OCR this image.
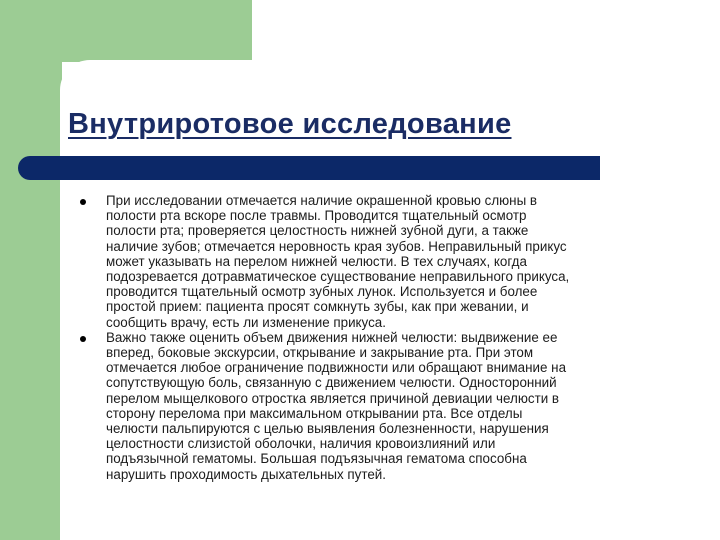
Внутриротовое исследование

При исследовании отмечается наличие окрашенной кровью слюны в
полости рта вскоре после травмы. Проводится тщательный осмотр
полости рта; проверяется целостность нижней зубной дуги, а также
наличие зубов; отмечается неровность края зубов. Неправильный прикус
может указывать на перелом нижней челюсти. В тех случаях, когда
подозревается дотравматическое существование неправильного прикуса,
проводится тщательный осмотр зубных лунок. Используется и более
простой прием: пациента просят сомкнуть зубы, как при жевании, и
сообщить врачу, есть ли изменение прикуса.

Важно также оценить объем движения нижней челюсти: выдвижение ее
вперед, боковые экскурсии, открывание и закрывание рта. При этом
отмечается любое ограничение подвижности или обращают внимание на
сопутствующую боль, связанную с движением челюсти. Односторонний
перелом мыщелкового отростка является причиной девиации челюсти в
сторону перелома при максимальном открывании рта. Все отделы
челюсти пальпируются с целью выявления болезненности, нарушения
целостности слизистой оболочки, наличия кровоизлияний или
подъязычной гематомы. Большая подъязычная гематома способна
нарушить проходимость дыхательных путей.
